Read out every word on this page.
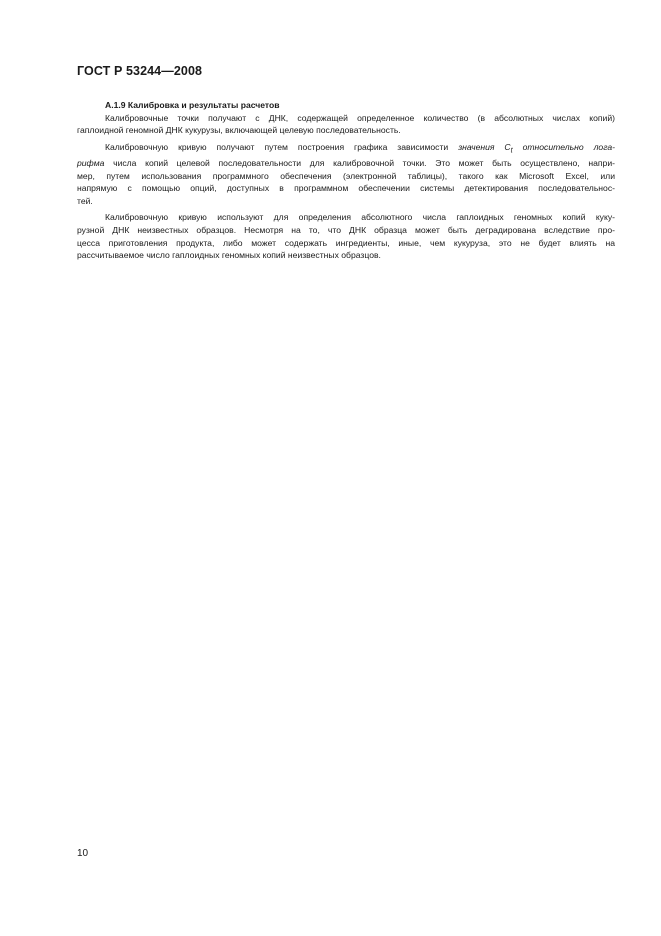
ГОСТ Р 53244—2008

А.1.9 Калибровка и результаты расчетов

Калибровочные точки получают с ДНК, содержащей определенное количество (в абсолютных числах копий)
гаплоидной геномной ДНК кукурузы, включающей целевую последовательность.
Калибровочную кривую получают путем построения графика зависимости значения $C_t$ относительно лога-
рифма числа копий целевой последовательности для калибровочной точки. Это может быть осуществлено, напри-
мер, путем использования программного обеспечения (электронной таблицы), такого как Microsoft Excel, или
напрямую с помощью опций, доступных в программном обеспечении системы детектирования последовательнос-
тей.
Калибровочную кривую используют для определения абсолютного числа гаплоидных геномных копий куку-
рузной ДНК неизвестных образцов. Несмотря на то, что ДНК образца может быть деградирована вследствие про-
цесса приготовления продукта, либо может содержать ингредиенты, иные, чем кукуруза, это не будет влиять на
рассчитываемое число гаплоидных геномных копий неизвестных образцов.
10
